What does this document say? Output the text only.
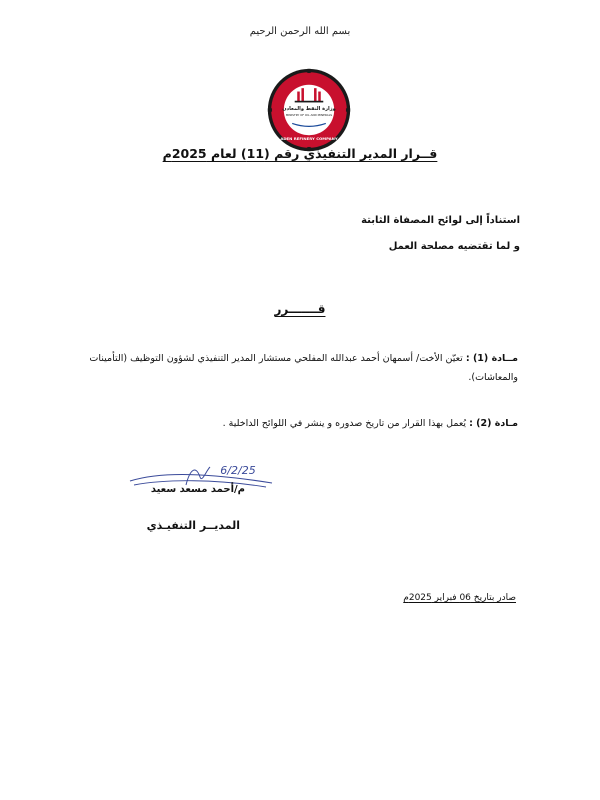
بسم الله الرحمن الرحيم
وزارة النفط والمعادن
MINISTRY OF OIL AND MINERALS
ADEN REFINERY COMPANY
قــرار المدير التنفيذي رقم (11) لعام 2025م
استناداً إلى لوائح المصفاة الثابتة
و لما تقتضيه مصلحة العمل
قـــــــرر
مــادة (1) : تعيّن الأخت/ أسمهان أحمد عبدالله المفلحي مستشار المدير التنفيذي لشؤون التوظيف (التأمينات والمعاشات).
مـادة (2) : يُعمل بهذا القرار من تاريخ صدوره و ينشر في اللوائح الداخلية .
6/2/25
م/أحمد مسعد سعيد
المديــر التنفيـذي
صادر بتاريخ 06 فبراير 2025م
